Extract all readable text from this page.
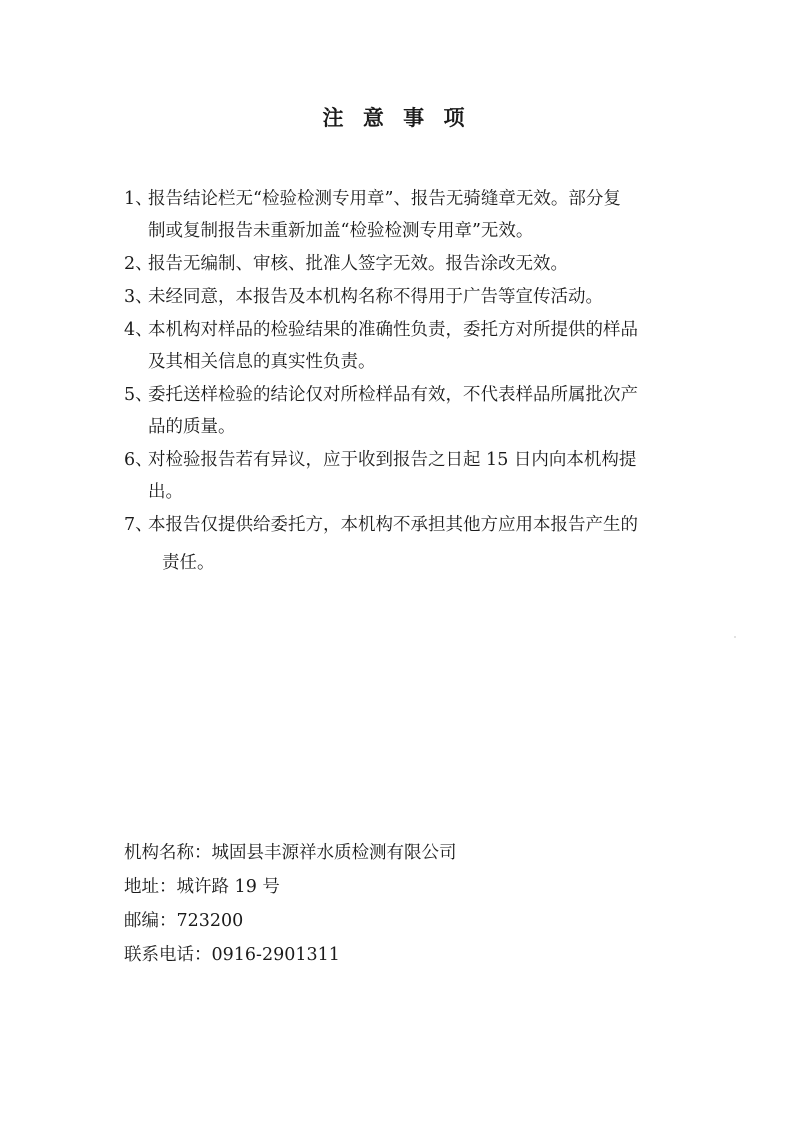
注 意 事 项
1、
报告结论栏无“检验检测专用章”、报告无骑缝章无效。部分复
制或复制报告未重新加盖“检验检测专用章”无效。
2、
报告无编制、审核、批准人签字无效。报告涂改无效。
3、
未经同意，本报告及本机构名称不得用于广告等宣传活动。
4、
本机构对样品的检验结果的准确性负责，委托方对所提供的样品
及其相关信息的真实性负责。
5、
委托送样检验的结论仅对所检样品有效，不代表样品所属批次产
品的质量。
6、
对检验报告若有异议，应于收到报告之日起 15 日内向本机构提
出。
7、
本报告仅提供给委托方，本机构不承担其他方应用本报告产生的
责任。
机构名称：城固县丰源祥水质检测有限公司
地址：城许路 19 号
邮编：723200
联系电话：0916-2901311
